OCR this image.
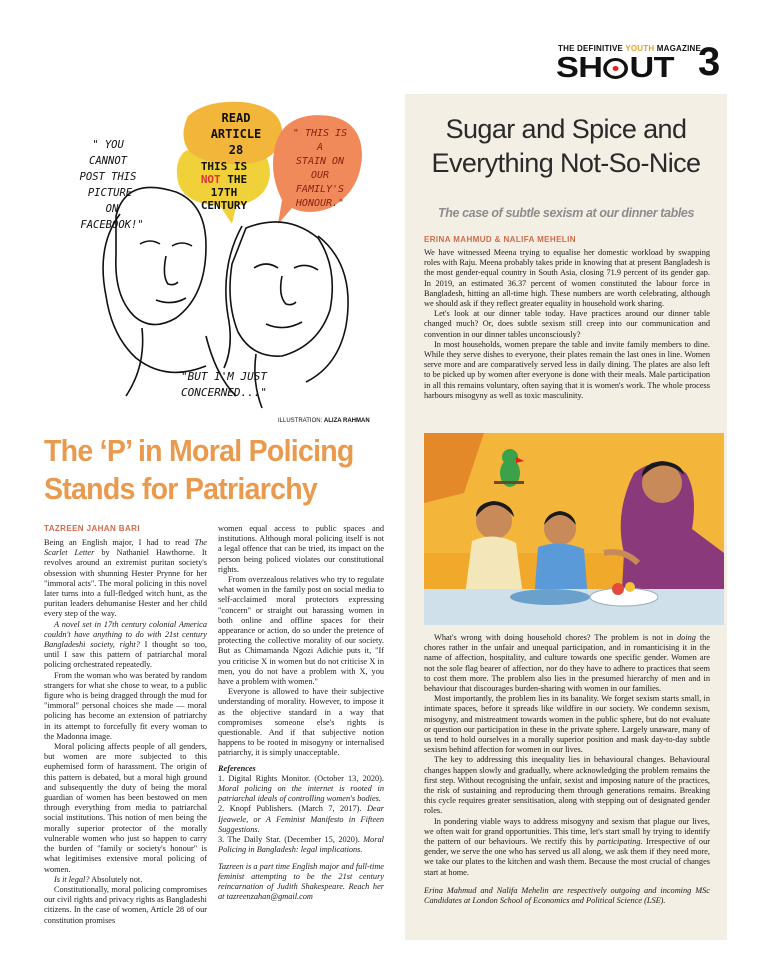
THE DEFINITIVE YOUTH MAGAZINE
SH UT 3
" YOU
CANNOT
POST THIS
PICTURE
ON
FACEBOOK!"
THIS IS
NOT THE
17TH
CENTURY
READ
ARTICLE
28
" THIS IS
A
STAIN ON
OUR
FAMILY'S
HONOUR."
"BUT I'M JUST
CONCERNED..."
ILLUSTRATION: ALIZA RAHMAN
The ‘P’ in Moral Policing Stands for Patriarchy
TAZREEN JAHAN BARI

Being an English major, I had to read The Scarlet Letter by Nathaniel Hawthorne. It revolves around an extremist puritan society's obsession with shunning Hester Prynne for her "immoral acts". The moral policing in this novel later turns into a full-fledged witch hunt, as the puritan leaders dehumanise Hester and her child every step of the way.

A novel set in 17th century colonial America couldn't have anything to do with 21st century Bangladeshi society, right? I thought so too, until I saw this pattern of patriarchal moral policing orchestrated repeatedly.

From the woman who was berated by random strangers for what she chose to wear, to a public figure who is being dragged through the mud for "immoral" personal choices she made — moral policing has become an extension of patriarchy in its attempt to forcefully fit every woman to the Madonna image.

Moral policing affects people of all genders, but women are more subjected to this euphemised form of harassment. The origin of this pattern is debated, but a moral high ground and subsequently the duty of being the moral guardian of women has been bestowed on men through everything from media to patriarchal social institutions. This notion of men being the morally superior protector of the morally vulnerable women who just so happen to carry the burden of "family or society's honour" is what legitimises extensive moral policing of women.

Is it legal? Absolutely not.

Constitutionally, moral policing compromises our civil rights and privacy rights as Bangladeshi citizens. In the case of women, Article 28 of our constitution promises

women equal access to public spaces and institutions. Although moral policing itself is not a legal offence that can be tried, its impact on the person being policed violates our constitutional rights.

From overzealous relatives who try to regulate what women in the family post on social media to self-acclaimed moral protectors expressing "concern" or straight out harassing women in both online and offline spaces for their appearance or action, do so under the pretence of protecting the collective morality of our society. But as Chimamanda Ngozi Adichie puts it, "If you criticise X in women but do not criticise X in men, you do not have a problem with X, you have a problem with women."

Everyone is allowed to have their subjective understanding of morality. However, to impose it as the objective standard in a way that compromises someone else's rights is questionable. And if that subjective notion happens to be rooted in misogyny or internalised patriarchy, it is simply unacceptable.

References

1. Digital Rights Monitor. (October 13, 2020). Moral policing on the internet is rooted in patriarchal ideals of controlling women's bodies.

2. Knopf Publishers. (March 7, 2017). Dear Ijeawele, or A Feminist Manifesto in Fifteen Suggestions.

3. The Daily Star. (December 15, 2020). Moral Policing in Bangladesh: legal implications.

Tazreen is a part time English major and full-time feminist attempting to be the 21st century reincarnation of Judith Shakespeare. Reach her at tazreenzahan@gmail.com

Sugar and Spice and Everything Not-So-Nice
The case of subtle sexism at our dinner tables
ERINA MAHMUD & NALIFA MEHELIN

We have witnessed Meena trying to equalise her domestic workload by swapping roles with Raju. Meena probably takes pride in knowing that at present Bangladesh is the most gender-equal country in South Asia, closing 71.9 percent of its gender gap. In 2019, an estimated 36.37 percent of women constituted the labour force in Bangladesh, hitting an all-time high. These numbers are worth celebrating, although we should ask if they reflect greater equality in household work sharing.

Let's look at our dinner table today. Have practices around our dinner table changed much? Or, does subtle sexism still creep into our communication and convention in our dinner tables unconsciously?

In most households, women prepare the table and invite family members to dine. While they serve dishes to everyone, their plates remain the last ones in line. Women serve more and are comparatively served less in daily dining. The plates are also left to be picked up by women after everyone is done with their meals. Male participation in all this remains voluntary, often saying that it is women's work. The whole process harbours misogyny as well as toxic masculinity.

What's wrong with doing household chores? The problem is not in doing the chores rather in the unfair and unequal participation, and in romanticising it in the name of affection, hospitality, and culture towards one specific gender. Women are not the sole flag bearer of affection, nor do they have to adhere to practices that seem to cost them more. The problem also lies in the presumed hierarchy of men and in behaviour that discourages burden-sharing with women in our families.

Most importantly, the problem lies in its banality. We forget sexism starts small, in intimate spaces, before it spreads like wildfire in our society. We condemn sexism, misogyny, and mistreatment towards women in the public sphere, but do not evaluate or question our participation in these in the private sphere. Largely unaware, many of us tend to hold ourselves in a morally superior position and mask day-to-day subtle sexism behind affection for women in our lives.

The key to addressing this inequality lies in behavioural changes. Behavioural changes happen slowly and gradually, where acknowledging the problem remains the first step. Without recognising the unfair, sexist and imposing nature of the practices, the risk of sustaining and reproducing them through generations remains. Breaking this cycle requires greater sensitisation, along with stepping out of designated gender roles.

In pondering viable ways to address misogyny and sexism that plague our lives, we often wait for grand opportunities. This time, let's start small by trying to identify the pattern of our behaviours. We rectify this by participating. Irrespective of our gender, we serve the one who has served us all along, we ask them if they need more, we take our plates to the kitchen and wash them. Because the most crucial of changes start at home.

Erina Mahmud and Nalifa Mehelin are respectively outgoing and incoming MSc Candidates at London School of Economics and Political Science (LSE).
